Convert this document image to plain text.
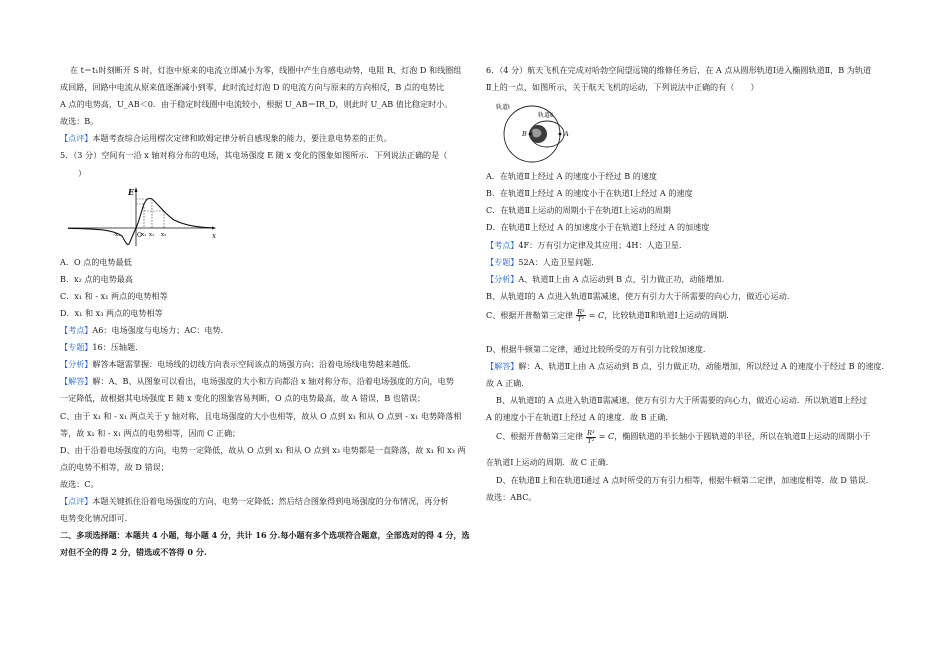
在 t＝t₁时刻断开 S 时，灯泡中原来的电流立即减小为零，线圈中产生自感电动势，电阻 R、灯泡 D 和线圈组
成回路，回路中电流从原来值逐渐减小到零，此时流过灯泡 D 的电流方向与原来的方向相反，B 点的电势比
A 点的电势高，U_AB＜0．由于稳定时线圈中电流较小，根据 U_AB＝IR_D，则此时 U_AB 值比稳定时小。
故选：B。
【点评】本题考查综合运用楞次定律和欧姆定律分析自感现象的能力，要注意电势差的正负。
5．（3 分）空间有一沿 x 轴对称分布的电场，其电场强度 E 随 x 变化的图象如图所示．下列说法正确的是（
）
E
x
O
-x₁	x₁ x₂ x₃
A．O 点的电势最低
B．x₂ 点的电势最高
C．x₁ 和 - x₁ 两点的电势相等
D．x₁ 和 x₃ 两点的电势相等
【考点】A6：电场强度与电场力；AC：电势．
【专题】16：压轴题．
【分析】解答本题需掌握：电场线的切线方向表示空间该点的场强方向；沿着电场线电势越来越低．
【解答】解：A、B、从图象可以看出，电场强度的大小和方向都沿 x 轴对称分布，沿着电场强度的方向，电势
一定降低，故根据其电场强度 E 随 x 变化的图象容易判断，O 点的电势最高，故 A 错误，B 也错误；
C、由于 x₁ 和 - x₁ 两点关于 y 轴对称，且电场强度的大小也相等，故从 O 点到 x₁ 和从 O 点到 - x₁ 电势降落相
等，故 x₁ 和 - x₁ 两点的电势相等，因而 C 正确；
D、由于沿着电场强度的方向，电势一定降低，故从 O 点到 x₁ 和从 O 点到 x₃ 电势都是一直降落，故 x₁ 和 x₃ 两
点的电势不相等，故 D 错误；
故选：C。
【点评】本题关键抓住沿着电场强度的方向，电势一定降低；然后结合图象得到电场强度的分布情况，再分析
电势变化情况即可．
二、多项选择题：本题共 4 小题，每小题 4 分，共计 16 分.每小题有多个选项符合题意，全部选对的得 4 分，选
对但不全的得 2 分，错选或不答得 0 分.
6．（4 分）航天飞机在完成对哈勃空间望远镜的维修任务后，在 A 点从圆形轨道Ⅰ进入椭圆轨道Ⅱ，B 为轨道
Ⅱ上的一点，如图所示，关于航天飞机的运动，下列说法中正确的有（　　）
轨道Ⅰ
轨道Ⅱ
A
B
A．在轨道Ⅱ上经过 A 的速度小于经过 B 的速度
B．在轨道Ⅱ上经过 A 的速度小于在轨道Ⅰ上经过 A 的速度
C．在轨道Ⅱ上运动的周期小于在轨道Ⅰ上运动的周期
D．在轨道Ⅱ上经过 A 的加速度小于在轨道Ⅰ上经过 A 的加速度
【考点】4F：万有引力定律及其应用；4H：人造卫星．
【专题】52A：人造卫星问题．
【分析】A、轨道Ⅱ上由 A 点运动到 B 点，引力做正功，动能增加．
B、从轨道Ⅰ的 A 点进入轨道Ⅱ需减速，使万有引力大于所需要的向心力，做近心运动．
C、根据开普勒第三定律 $\frac{\text{R³}}{\text{T²}} = C$，比较轨道Ⅱ和轨道Ⅰ上运动的周期．
D、根据牛顿第二定律，通过比较所受的万有引力比较加速度．
【解答】解：A、轨道Ⅱ上由 A 点运动到 B 点，引力做正功，动能增加，所以经过 A 的速度小于经过 B 的速度．
故 A 正确．
B、从轨道Ⅰ的 A 点进入轨道Ⅱ需减速，使万有引力大于所需要的向心力，做近心运动．所以轨道Ⅱ上经过
A 的速度小于在轨道Ⅰ上经过 A 的速度．故 B 正确．
C、根据开普勒第三定律 $\frac{\text{R³}}{\text{T²}} = C$，椭圆轨道的半长轴小于圆轨道的半径，所以在轨道Ⅱ上运动的周期小于
在轨道Ⅰ上运动的周期．故 C 正确．
D、在轨道Ⅱ上和在轨道Ⅰ通过 A 点时所受的万有引力相等，根据牛顿第二定律，加速度相等．故 D 错误．
故选：ABC。
